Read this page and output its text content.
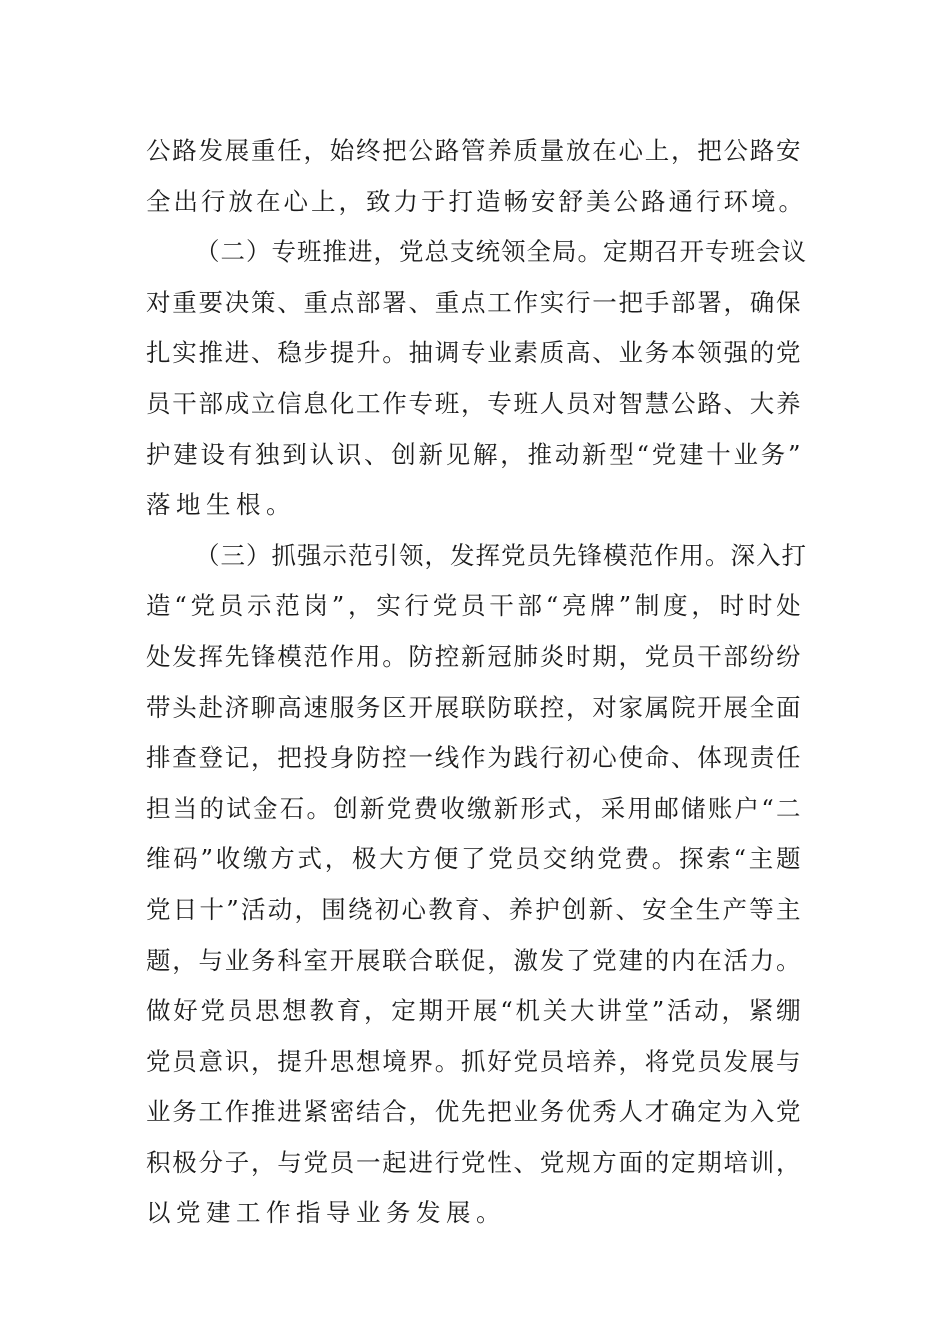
公路发展重任，始终把公路管养质量放在心上，把公路安
全出行放在心上，致力于打造畅安舒美公路通行环境。
（二）专班推进，党总支统领全局。定期召开专班会议
对重要决策、重点部署、重点工作实行一把手部署，确保
扎实推进、稳步提升。抽调专业素质高、业务本领强的党
员干部成立信息化工作专班，专班人员对智慧公路、大养
护建设有独到认识、创新见解，推动新型“党建十业务”
落地生根。
（三）抓强示范引领，发挥党员先锋模范作用。深入打
造“党员示范岗”，实行党员干部“亮牌”制度，时时处
处发挥先锋模范作用。防控新冠肺炎时期，党员干部纷纷
带头赴济聊高速服务区开展联防联控，对家属院开展全面
排查登记，把投身防控一线作为践行初心使命、体现责任
担当的试金石。创新党费收缴新形式，采用邮储账户“二
维码”收缴方式，极大方便了党员交纳党费。探索“主题
党日十”活动，围绕初心教育、养护创新、安全生产等主
题，与业务科室开展联合联促，激发了党建的内在活力。
做好党员思想教育，定期开展“机关大讲堂”活动，紧绷
党员意识，提升思想境界。抓好党员培养，将党员发展与
业务工作推进紧密结合，优先把业务优秀人才确定为入党
积极分子，与党员一起进行党性、党规方面的定期培训，
以党建工作指导业务发展。
